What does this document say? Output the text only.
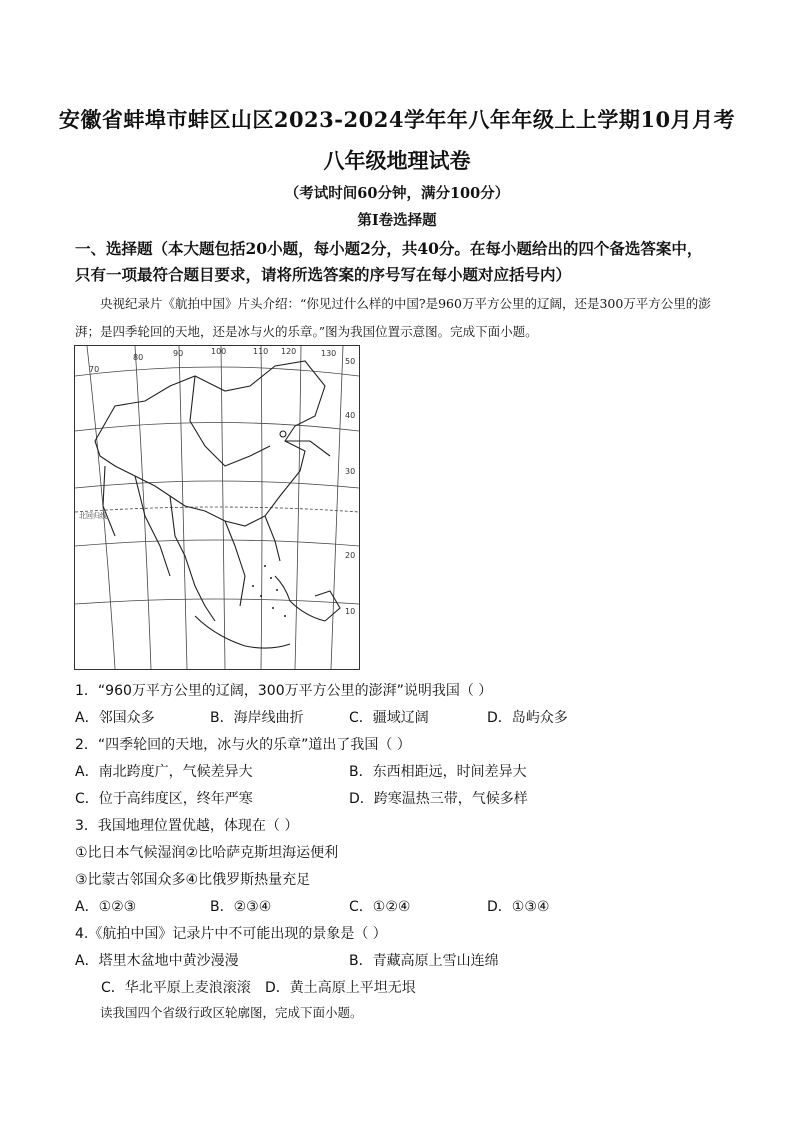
安徽省蚌埠市蚌区山区2023-2024学年年八年年级上上学期10月月考
八年级地理试卷
（考试时间60分钟，满分100分）
第Ⅰ卷选择题
一、选择题（本大题包括20小题，每小题2分，共40分。在每小题给出的四个备选答案中，
只有一项最符合题目要求，请将所选答案的序号写在每小题对应括号内）
央视纪录片《航拍中国》片头介绍：“你见过什么样的中国?是960万平方公里的辽阔，还是300万平方公里的澎湃；是四季轮回的天地，还是冰与火的乐章。”图为我国位置示意图。完成下面小题。
70
80	90	100	110 120	130
50
40
30
20
10
北回归线
1．“960万平方公里的辽阔，300万平方公里的澎湃”说明我国（ ）
A．邻国众多	B．海岸线曲折	C．疆域辽阔	D．岛屿众多
2．“四季轮回的天地，冰与火的乐章”道出了我国（ ）
A．南北跨度广，气候差异大	B．东西相距远，时间差异大
C．位于高纬度区，终年严寒	D．跨寒温热三带，气候多样
3．我国地理位置优越，体现在（ ）
①比日本气候湿润②比哈萨克斯坦海运便利
③比蒙古邻国众多④比俄罗斯热量充足
A．①②③	B．②③④	C．①②④	D．①③④
4.《航拍中国》记录片中不可能出现的景象是（ ）
A．塔里木盆地中黄沙漫漫	B．青藏高原上雪山连绵
C．华北平原上麦浪滚滚 D．黄土高原上平坦无垠
读我国四个省级行政区轮廓图，完成下面小题。
